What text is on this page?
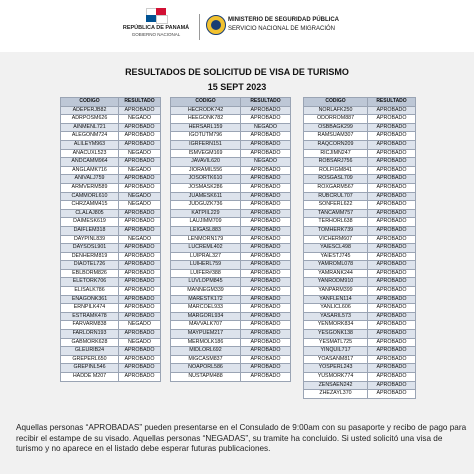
REPÚBLICA DE PANAMÁ
GOBIERNO NACIONAL
MINISTERIO DE SEGURIDAD PÚBLICA
SERVICIO NACIONAL DE MIGRACIÓN
RESULTADOS DE SOLICITUD DE VISA DE TURISMO
15 SEPT 2023
CÓDIGO	RESULTADO
ADEPERJB82	APROBADO
ADRPOSM626	NEGADO
AINMENL721	APROBADO
ALEGONM724	APROBADO
ALILEYM963	APROBADO
ANACUXL523	NEGADO
ANDCAMM964	APROBADO
ANGLAMK716	NEGADO
ANIVALJ759	APROBADO
ARMVERM589	APROBADO
CAMMORL610	NEGADO
CHRZAMM415	NEGADO
CLALAJ805	APROBADO
DAIMESK619	APROBADO
DAIFLEM318	APROBADO
DAYPINL839	NEGADO
DAYSOSL901	APROBADO
DENHERM819	APROBADO
DIAOTEL726	APROBADO
EBLBORM826	APROBADO
ELETORK706	APROBADO
ELISALK786	APROBADO
ENAGONK361	APROBADO
ERNPILK474	APROBADO
ESTRAMK478	APROBADO
FARVARM838	NEGADO
FARLORN193	APROBADO
GABMORK628	NEGADO
GLEURIB24	APROBADO
GREPERL650	APROBADO
GREPINL546	APROBADO
HADDE M207	APROBADO
CÓDIGO	RESULTADO
HECRODK742	APROBADO
HEEGONK782	APROBADO
HERSARL159	NEGADO
IGOTUTM796	APROBADO
IGRFERN151	APROBADO
ISMVEGM169	APROBADO
JAVAVIL620	NEGADO
JIORAMIL556	APROBADO
JOSORTK610	APROBADO
JOSMASK286	APROBADO
JUAMESK611	APROBADO
JUDGUZK736	APROBADO
KATPIIL229	APROBADO
LAUJIMM709	APROBADO
LEIGASL883	APROBADO
LENMORN179	APROBADO
LUCREML402	APROBADO
LUIPRAL327	APROBADO
LUIHERL759	APROBADO
LUIFER#388	APROBADO
LUVLOPM845	APROBADO
MANNEGM339	APROBADO
MARESTK172	APROBADO
MARCOEL933	APROBADO
MARGORL934	APROBADO
MAVVALK707	APROBADO
MAYPUEM217	APROBADO
MERMOLK186	APROBADO
MIDLORL692	APROBADO
MIGCASM837	APROBADO
NOAPORL586	APROBADO
NUSTAPM488	APROBADO
CÓDIGO	RESULTADO
NORLAFK250	APROBADO
ODORROM887	APROBADO
OSBBAGK299	APROBADO
RAMSUAM307	APROBADO
RAQCORN209	APROBADO
RICJIMN247	APROBADO
ROBSARJ756	APROBADO
ROLFIGM841	APROBADO
ROSGASL709	APROBADO
ROXGARM567	APROBADO
RUBCRUL707	APROBADO
SONFERL622	APROBADO
TANCAMM757	APROBADO
TERHORL638	APROBADO
TOMHERK739	APROBADO
VICHERM607	APROBADO
YAIESCL498	APROBADO
YAIESTJ745	APROBADO
YAMROML078	APROBADO
YAMRANK244	APROBADO
YANRODM910	APROBADO
YANPARM399	APROBADO
YANFLEN114	APROBADO
YANLICL606	APROBADO
YASARIL573	APROBADO
YENMORK834	APROBADO
YESGONK138	APROBADO
YESMATL725	APROBADO
YINQUIL717	APROBADO
YOASANM817	APROBADO
YOSPERL243	APROBADO
YUSMORK774	APROBADO
ZENSAEN242	APROBADO
ZHEZAYL370	APROBADO
Aquellas personas “APROBADAS” pueden presentarse en el Consulado de 9:00am con su pasaporte y recibo de pago para recibir el estampe de su visado. Aquellas personas “NEGADAS”, su tramite ha concluido. Si usted solicitó una visa de turismo y no aparece en el listado debe esperar futuras publicaciones.
